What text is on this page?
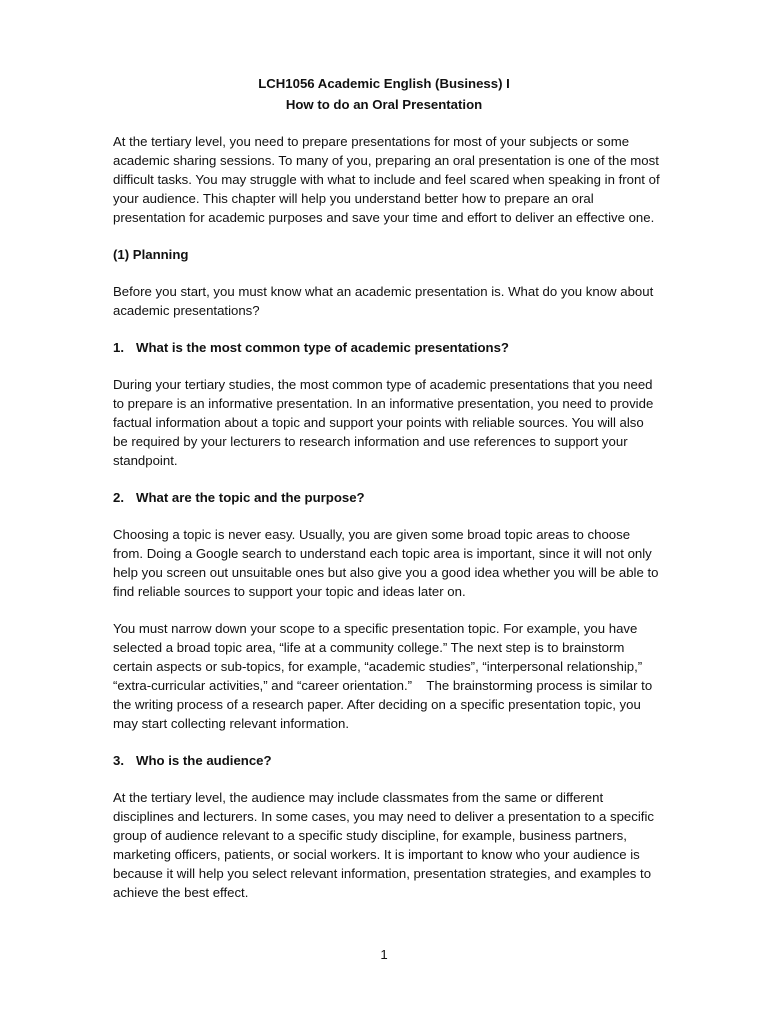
LCH1056 Academic English (Business) I

How to do an Oral Presentation

At the tertiary level, you need to prepare presentations for most of your subjects or some academic sharing sessions. To many of you, preparing an oral presentation is one of the most difficult tasks. You may struggle with what to include and feel scared when speaking in front of your audience. This chapter will help you understand better how to prepare an oral presentation for academic purposes and save your time and effort to deliver an effective one.

(1) Planning

Before you start, you must know what an academic presentation is. What do you know about academic presentations?

1. What is the most common type of academic presentations?

During your tertiary studies, the most common type of academic presentations that you need to prepare is an informative presentation. In an informative presentation, you need to provide factual information about a topic and support your points with reliable sources. You will also be required by your lecturers to research information and use references to support your standpoint.

2. What are the topic and the purpose?

Choosing a topic is never easy. Usually, you are given some broad topic areas to choose from. Doing a Google search to understand each topic area is important, since it will not only help you screen out unsuitable ones but also give you a good idea whether you will be able to find reliable sources to support your topic and ideas later on.

You must narrow down your scope to a specific presentation topic. For example, you have selected a broad topic area, “life at a community college.” The next step is to brainstorm certain aspects or sub-topics, for example, “academic studies”, “interpersonal relationship,” “extra-curricular activities,” and “career orientation.”    The brainstorming process is similar to the writing process of a research paper. After deciding on a specific presentation topic, you may start collecting relevant information.

3. Who is the audience?

At the tertiary level, the audience may include classmates from the same or different disciplines and lecturers. In some cases, you may need to deliver a presentation to a specific group of audience relevant to a specific study discipline, for example, business partners, marketing officers, patients, or social workers. It is important to know who your audience is because it will help you select relevant information, presentation strategies, and examples to achieve the best effect.

1
